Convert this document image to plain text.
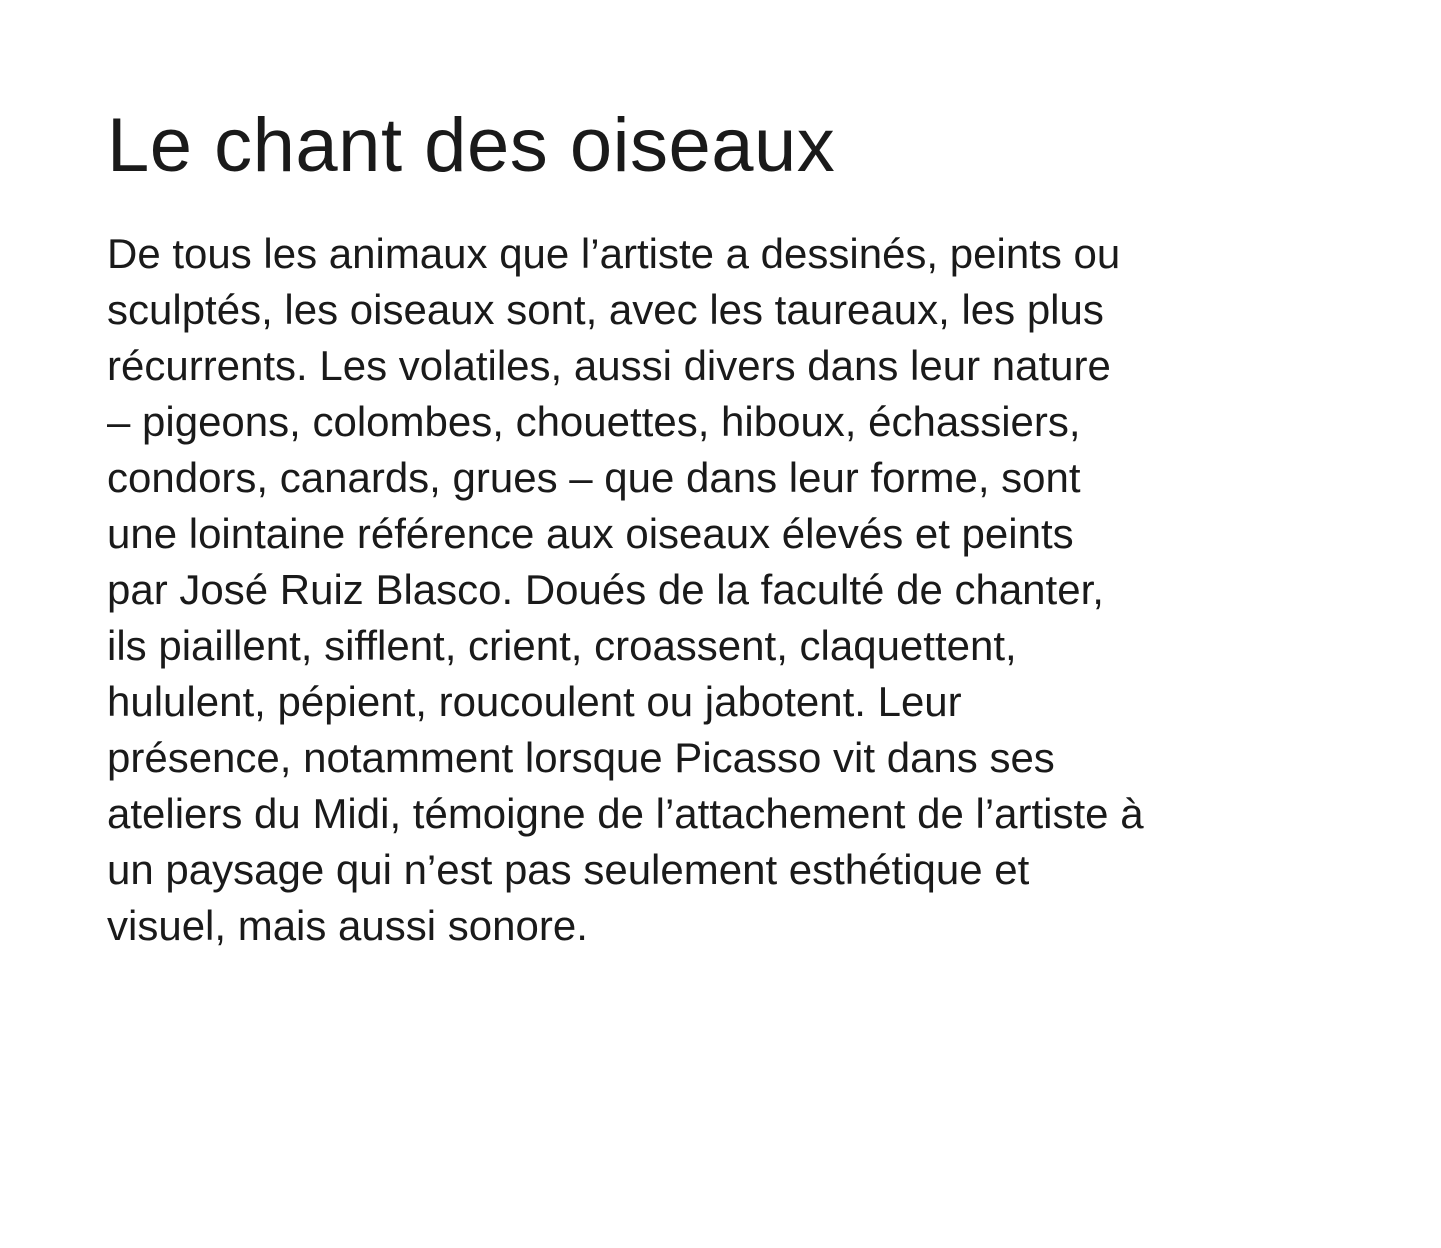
Le chant des oiseaux

De tous les animaux que l’artiste a dessinés, peints ou
sculptés, les oiseaux sont, avec les taureaux, les plus
récurrents. Les volatiles, aussi divers dans leur nature
– pigeons, colombes, chouettes, hiboux, échassiers,
condors, canards, grues – que dans leur forme, sont
une lointaine référence aux oiseaux élevés et peints
par José Ruiz Blasco. Doués de la faculté de chanter,
ils piaillent, sifflent, crient, croassent, claquettent,
hululent, pépient, roucoulent ou jabotent. Leur
présence, notamment lorsque Picasso vit dans ses
ateliers du Midi, témoigne de l’attachement de l’artiste à
un paysage qui n’est pas seulement esthétique et
visuel, mais aussi sonore.
